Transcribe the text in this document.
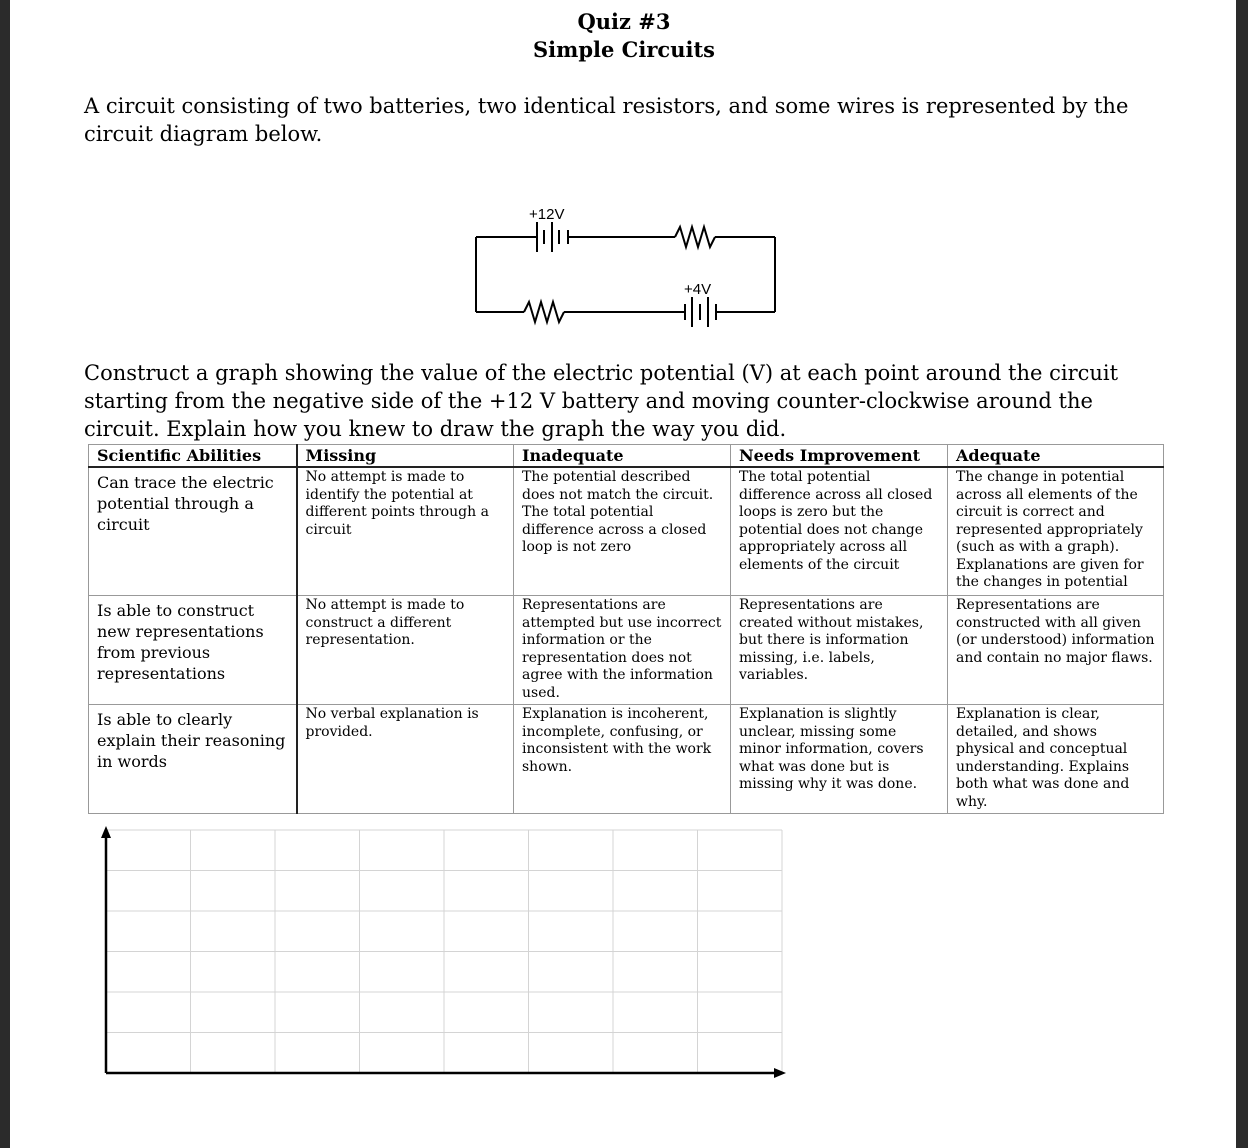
Quiz #3
Simple Circuits
A circuit consisting of two batteries, two identical resistors, and some wires is represented by the circuit diagram below.
+12V
+4V
Construct a graph showing the value of the electric potential (V) at each point around the circuit starting from the negative side of the +12 V battery and moving counter-clockwise around the circuit. Explain how you knew to draw the graph the way you did.
Scientific Abilities	Missing	Inadequate	Needs Improvement	Adequate
Can trace the electric potential through a circuit	No attempt is made to identify the potential at different points through a circuit	The potential described does not match the circuit. The total potential difference across a closed loop is not zero	The total potential difference across all closed loops is zero but the potential does not change appropriately across all elements of the circuit	The change in potential across all elements of the circuit is correct and represented appropriately (such as with a graph). Explanations are given for the changes in potential
Is able to construct new representations from previous representations	No attempt is made to construct a different representation.	Representations are attempted but use incorrect information or the representation does not agree with the information used.	Representations are created without mistakes, but there is information missing, i.e. labels, variables.	Representations are constructed with all given (or understood) information and contain no major flaws.
Is able to clearly explain their reasoning in words	No verbal explanation is provided.	Explanation is incoherent, incomplete, confusing, or inconsistent with the work shown.	Explanation is slightly unclear, missing some minor information, covers what was done but is missing why it was done.	Explanation is clear, detailed, and shows physical and conceptual understanding. Explains both what was done and why.
